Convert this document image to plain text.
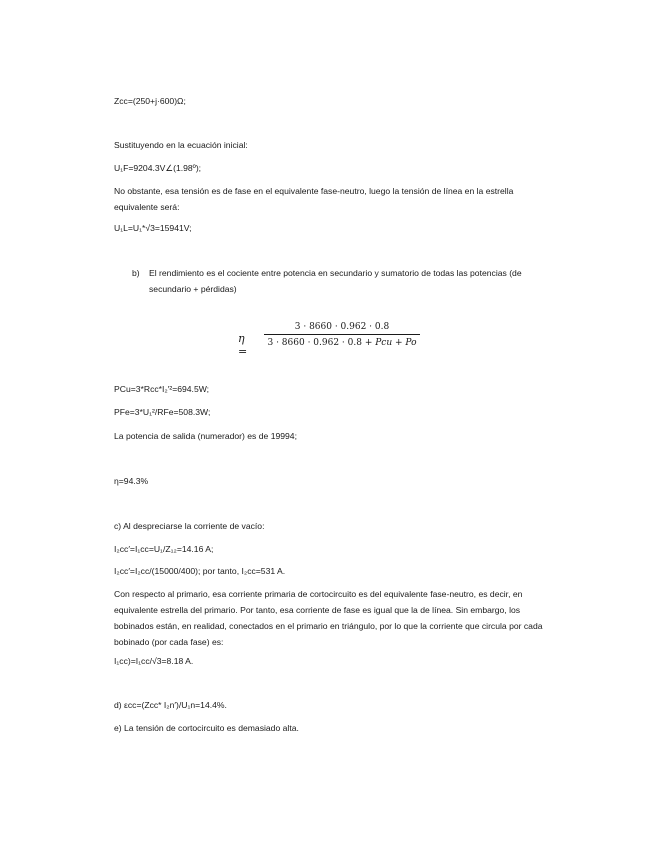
Zcc=(250+j·600)Ω;
Sustituyendo en la ecuación inicial:
U₁F=9204.3V∠(1.98º);
No obstante, esa tensión es de fase en el equivalente fase-neutro, luego la tensión de línea en la estrella equivalente será:
U₁L=U₁*√3=15941V;
b) El rendimiento es el cociente entre potencia en secundario y sumatorio de todas las potencias (de secundario + pérdidas)
η =
3 · 8660 · 0.962 · 0.8
3 · 8660 · 0.962 · 0.8 + Pcu + Po
PCu=3*Rcc*I₂′²=694.5W;
PFe=3*U₁²/RFe=508.3W;
La potencia de salida (numerador) es de 19994;
η=94.3%
c) Al despreciarse la corriente de vacío:
I₂cc′=I₁cc=U₁/Z₁₂=14.16 A;
I₂cc′=I₂cc/(15000/400); por tanto, I₂cc=531 A.
Con respecto al primario, esa corriente primaria de cortocircuito es del equivalente fase-neutro, es decir, en equivalente estrella del primario. Por tanto, esa corriente de fase es igual que la de línea. Sin embargo, los bobinados están, en realidad, conectados en el primario en triángulo, por lo que la corriente que circula por cada bobinado (por cada fase) es:
I₁cc)=I₁cc/√3=8.18 A.
d) εcc=(Zcc* I₂n′)/U₁n=14.4%.
e) La tensión de cortocircuito es demasiado alta.
